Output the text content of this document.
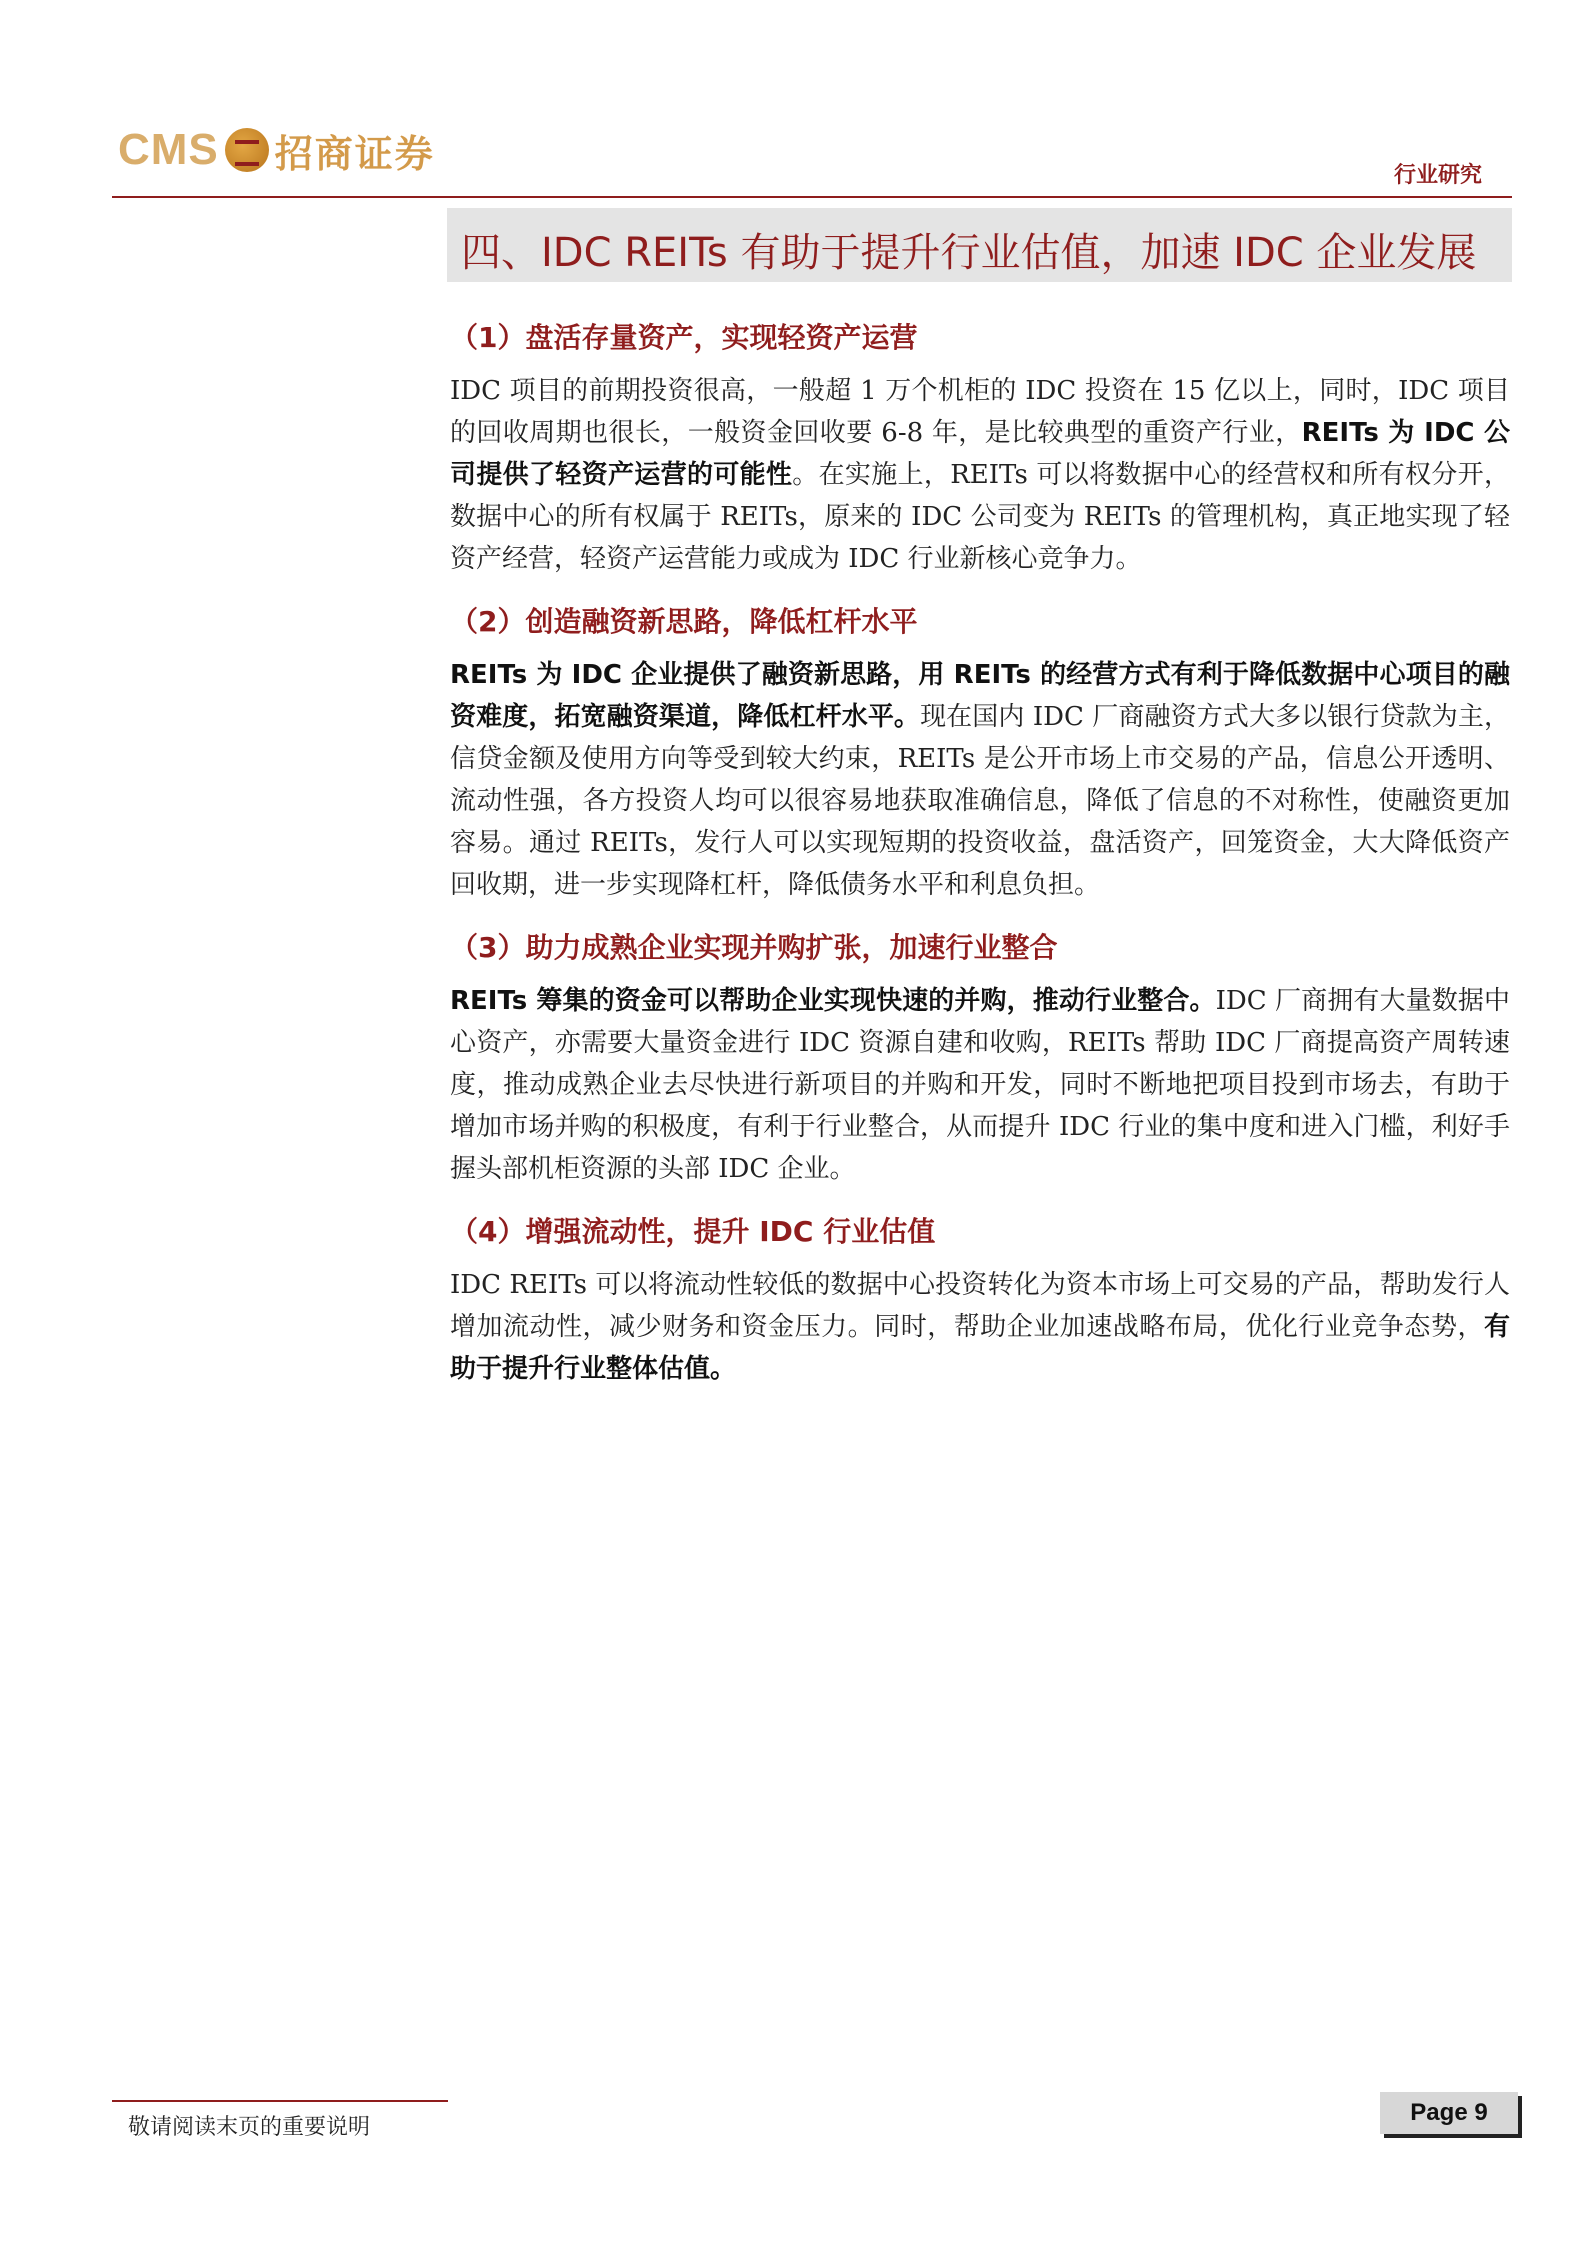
CMS 招商证券	行业研究
四、IDC REITs 有助于提升行业估值，加速 IDC 企业发展
（1）盘活存量资产，实现轻资产运营

IDC 项目的前期投资很高，一般超 1 万个机柜的 IDC 投资在 15 亿以上，同时，IDC 项目的回收周期也很长，一般资金回收要 6-8 年，是比较典型的重资产行业，REITs 为 IDC 公司提供了轻资产运营的可能性。在实施上，REITs 可以将数据中心的经营权和所有权分开，数据中心的所有权属于 REITs，原来的 IDC 公司变为 REITs 的管理机构，真正地实现了轻资产经营，轻资产运营能力或成为 IDC 行业新核心竞争力。

（2）创造融资新思路，降低杠杆水平

REITs 为 IDC 企业提供了融资新思路，用 REITs 的经营方式有利于降低数据中心项目的融资难度，拓宽融资渠道，降低杠杆水平。现在国内 IDC 厂商融资方式大多以银行贷款为主，信贷金额及使用方向等受到较大约束，REITs 是公开市场上市交易的产品，信息公开透明、流动性强，各方投资人均可以很容易地获取准确信息，降低了信息的不对称性，使融资更加容易。通过 REITs，发行人可以实现短期的投资收益，盘活资产，回笼资金，大大降低资产回收期，进一步实现降杠杆，降低债务水平和利息负担。

（3）助力成熟企业实现并购扩张，加速行业整合

REITs 筹集的资金可以帮助企业实现快速的并购，推动行业整合。IDC 厂商拥有大量数据中心资产，亦需要大量资金进行 IDC 资源自建和收购，REITs 帮助 IDC 厂商提高资产周转速度，推动成熟企业去尽快进行新项目的并购和开发，同时不断地把项目投到市场去，有助于增加市场并购的积极度，有利于行业整合，从而提升 IDC 行业的集中度和进入门槛，利好手握头部机柜资源的头部 IDC 企业。

（4）增强流动性，提升 IDC 行业估值

IDC REITs 可以将流动性较低的数据中心投资转化为资本市场上可交易的产品，帮助发行人增加流动性，减少财务和资金压力。同时，帮助企业加速战略布局，优化行业竞争态势，有助于提升行业整体估值。

敬请阅读末页的重要说明
Page 9
